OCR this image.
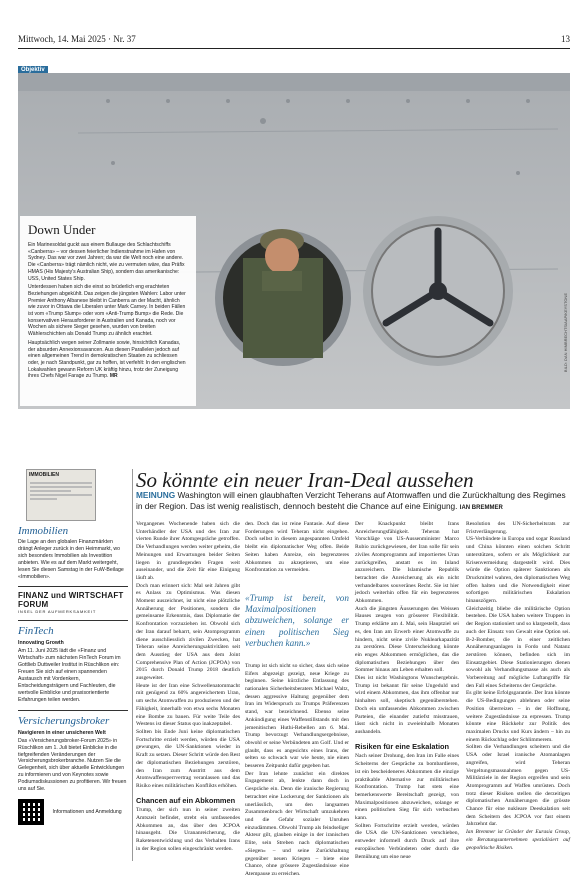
Mittwoch, 14. Mai 2025 · Nr. 37	13
Objektiv
BILD: DAN HIMBRECHTS/AAP/KEYSTONE
Down Under

Ein Marinesoldat guckt aus einem Bullauge des Schlachtschiffs «Canberra» – vor dessen feierlicher Indienstnahme im Hafen von Sydney. Das war vor zwei Jahren; da war die Welt noch eine andere. Die «Canberra» trägt nämlich nicht, wie zu vermuten wäre, das Präfix HMAS (His Majesty's Australian Ship), sondern das amerikanische: USS, United States Ship.

Unterdessen haben sich die einst so brüderlich eng erachteten Beziehungen abgekühlt. Das zeigen die jüngsten Wahlen: Labor unter Premier Anthony Albanese bleibt in Canberra an der Macht, ähnlich wie zuvor in Ottawa die Liberalen unter Mark Carney. In beiden Fällen ist vom «Trump Slump» oder vom «Anti-Trump Bump» die Rede. Die konservativen Herausforderer in Australien und Kanada, noch vor Wochen als sichere Sieger gesehen, wurden von breiten Wählerschichten als Donald Trump zu ähnlich erachtet.

Hauptsächlich wegen seiner Zollmanie sowie, hinsichtlich Kanadas, der absurden Annexionsavancen. Aus diesen Parallelen jedoch auf einen allgemeinen Trend in demokratischen Staaten zu schliessen oder, je nach Standpunkt, gar zu hoffen, ist verfehlt: In den englischen Lokalwahlen gewann Reform UK kräftig hinzu, trotz der Zuneigung ihres Chefs Nigel Farage zu Trump. MR

IMMOBILIEN
Immobilien

Die Lage an den globalen Finanzmärkten drängt Anleger zurück in den Heimmarkt, wo sich besonders Immobilien als Investition anbieten. Wie es auf dem Markt weitergeht, lesen Sie diesen Samstag in der FuW-Beilage «Immobilien».

FINANZ und WIRTSCHAFT FORUM
INSEL DER AUFMERKSAMKEIT
FinTech
Innovating Growth

Am 11. Juni 2025 lädt die «Finanz und Wirtschaft» zum nächsten FinTech Forum im Gottlieb Duttweiler Institut in Rüschlikon ein: Freuen Sie sich auf einen spannenden Austausch mit Vordenkern, Entscheidungsträgern und Fachleuten, die wertvolle Einblicke und praxisorientierte Erfahrungen teilen werden.

Versicherungsbroker
Navigieren in einer unsicheren Welt

Das «Versicherungsbroker-Forum 2025» in Rüschlikon am 1. Juli bietet Einblicke in die tiefgreifenden Veränderungen der Versicherungsbrokerbranche. Nutzen Sie die Gelegenheit, sich über aktuelle Entwicklungen zu informieren und von Keynotes sowie Podiumsdiskussionen zu profitieren. Wir freuen uns auf Sie.

Informationen und Anmeldung
So könnte ein neuer Iran-Deal aussehen
MEINUNG Washington will einen glaubhaften Verzicht Teherans auf Atomwaffen und die Zurückhaltung des Regimes in der Region. Das ist wenig realistisch, dennoch besteht die Chance auf eine Einigung. IAN BREMMER

Vergangenes Wochenende haben sich die Unterhändler der USA und des Iran zur vierten Runde ihrer Atomgespräche getroffen. Die Verhandlungen werden weiter geheim, die Meinungen und Erwartungen beider Seiten liegen in grundlegenden Fragen weit auseinander, und die Zeit für eine Einigung läuft ab.

Doch man erinnert sich: Mal seit Jahren gibt es Anlass zu Optimismus. Was diesen Moment auszeichnet, ist nicht eine plötzliche Annäherung der Positionen, sondern die gemeinsame Erkenntnis, dass Diplomatie der Konfrontation vorzuziehen ist. Obwohl sich der Iran darauf beharrt, sein Atomprogramm diene ausschliesslich zivilen Zwecken, hat Teheran seine Anreicherungsaktivitäten seit dem Ausstieg der USA aus dem Joint Comprehensive Plan of Action (JCPOA) von 2015 durch Donald Trump 2018 deutlich ausgeweitet.

Heute ist der Iran eine Schwellenatommacht mit genügend zu 60% angereichertem Uran, um sechs Atomwaffen zu produzieren und der Fähigkeit, innerhalb von etwa sechs Monaten eine Bombe zu bauen. Für weite Teile des Westens ist dieser Status quo inakzeptabel.

Sollten bis Ende Juni keine diplomatischen Fortschritte erzielt werden, würden die USA gewungen, die UN-Sanktionen wieder in Kraft zu setzen. Dieser Schritt würde den Rest der diplomatischen Beziehungen zerstören, den Iran zum Austritt aus dem Atomwaffensperrvertrag veranlassen und das Risiko eines militärischen Konflikts erhöhen.

Chancen auf ein Abkommen

Trump, der sich nun in seiner zweiten Amtszeit befindet, strebt ein umfassendes Abkommen an, das über den JCPOA hinausgeht. Die Urananreicherung, die Raketenentwicklung und das Verhalten Irans in der Region sollen eingeschränkt werden.

den. Doch das ist reine Fantasie. Auf diese Forderungen wird Teheran nicht eingehen. Doch selbst in diesem angespannten Umfeld bleibt ein diplomatischer Weg offen. Beide Seiten haben Anreize, ein begrenzteres Abkommen zu akzeptieren, um eine Konfrontation zu vermeiden.

«Trump ist bereit, von Maximalpositionen abzuweichen, solange er einen politischen Sieg verbuchen kann.»

Trump ist sich nicht so sicher, dass sich seine Eifers abgezeigt gezeigt, neue Kriege zu beginnen. Seine kürzliche Entlassung des nationalen Sicherheitsberaters Michael Waltz, dessen aggressive Haltung gegenüber dem Iran im Widerspruch zu Trumps Präferenzen stand, war bezeichnend. Ebenso seine Ankündigung eines Waffenstillstands mit den jemenitischen Huthi-Rebellen am 6. Mai. Trump bevorzugt Verhandlungsergebnisse, obwohl er seine Verbündeten am Golf. Und er glaubt, dass es angesichts eines Irans, der selten so schwach war wie heute, nie einen besseren Zeitpunkt dafür gegeben hat.

Der Iran lehnte zunächst ein direktes Engagement ab, lenkte dann doch in Gespräche ein. Denn die iranische Regierung betrachtet eine Lockerung der Sanktionen als unerlässlich, um den langsamen Zusammenbruch der Wirtschaft umzukehren und die Gefahr sozialer Unruhen einzudämmen. Obwohl Trump als feindseliger Akteur gilt, glauben einige in der iranischen Elite, sein Streben nach diplomatischen «Siegen» – und seine Zurückhaltung gegenüber neuen Kriegen – biete eine Chance, ohne grössere Zugeständnisse eine Atempause zu erreichen.

Der Knackpunkt bleibt Irans Anreicherungsfähigkeit. Teheran hat Vorschläge von US-Aussenminister Marco Rubio zurückgewiesen, der Iran solle für sein ziviles Atomprogramm auf importiertes Uran zurückgreifen, anstatt es im Inland anzureichern. Die Islamische Republik betrachtet die Anreicherung als ein nicht verhandelbares souveränes Recht. Sie ist hier jedoch weiterhin offen für ein begrenzteres Abkommen.

Auch die jüngsten Äusserungen des Weissen Hauses zeugen von grösserer Flexibilität. Trump erklärte am 4. Mai, sein Hauptziel sei es, den Iran am Erwerb einer Atomwaffe zu hindern, nicht seine zivile Nuklearkapazität zu zerstören. Diese Unterscheidung könnte ein enges Abkommen ermöglichen, das die diplomatischen Beziehungen über den Sommer hinaus am Leben erhalten soll.

Dies ist nicht Washingtons Wunschergebnis. Trump ist bekannt für seine Ungeduld und wird einem Abkommen, das ihm offenbar nur hinhalten soll, skeptisch gegenüberstehen. Doch ein umfassendes Abkommen zwischen Parteien, die einander zutiefst misstrauen, lässt sich nicht in zweieinhalb Monaten aushandeln.

Risiken für eine Eskalation

Nach seiner Drohung, den Iran im Falle eines Scheiterns der Gespräche zu bombardieren, ist ein bescheideneres Abkommen die einzige praktikable Alternative zur militärischen Konfrontation. Trump hat stets eine bemerkenswerte Bereitschaft gezeigt, von Maximalpositionen abzuweichen, solange er einen politischen Sieg für sich verbuchen kann.

Sollten Fortschritte erzielt werden, würden die USA die UN-Sanktionen verschieben, entweder informell durch Druck auf ihre europäischen Verbündeten oder durch die Bemühung um eine neue

Resolution des UN-Sicherheitsrats zur Fristverlängerung.

US-Verbündete in Europa und sogar Russland und China könnten einen solchen Schritt unterstützen, sofern er als Möglichkeit zur Krisenvermeidung dargestellt wird. Dies würde die Option späterer Sanktionen als Druckmittel wahren, den diplomatischen Weg offen halten und die Notwendigkeit einer sofortigen militärischen Eskalation hinauszögern.

Gleichzeitig bliebe die militärische Option bestehen. Die USA haben weitere Truppen in der Region stationiert und so klargestellt, dass auch der Einsatz von Gewalt eine Option sei. B-2-Bomber, die in einer zeitlichen Annäherungsanlagen in Fordo und Natanz zerstören können, befinden sich im Einsatzgebiet. Diese Stationierungen dienen sowohl als Verhandlungsmasse als auch als Vorbereitung auf mögliche Luftangriffe für den Fall eines Scheiterns der Gespräche.

Es gibt keine Erfolgsgarantie. Der Iran könnte die US-Bedingungen ablehnen oder seine Position überreizen – in der Hoffnung, weitere Zugeständnisse zu erpressen. Trump könnte eine Rückkehr zur Politik des maximalen Drucks und Kurs ändern – hin zu einem Rückschlag oder Schlimmerem.

Sollten die Verhandlungen scheitern und die USA oder Israel iranische Atomanlagen angreifen, wird Teheran Vergeltungsmassnahmen gegen US-Militärziele in der Region ergreifen und sein Atomprogramm auf Waffen umrüsten. Doch trotz dieser Risiken stellen die derzeitigen diplomatischen Annäherungen die grösste Chance für eine nukleare Deeskalation seit dem Scheitern des JCPOA vor fast einem Jahrzehnt dar.

Ian Bremmer ist Gründer der Eurasia Group, ein Beratungsunternehmen spezialisiert auf geopolitische Risiken.
